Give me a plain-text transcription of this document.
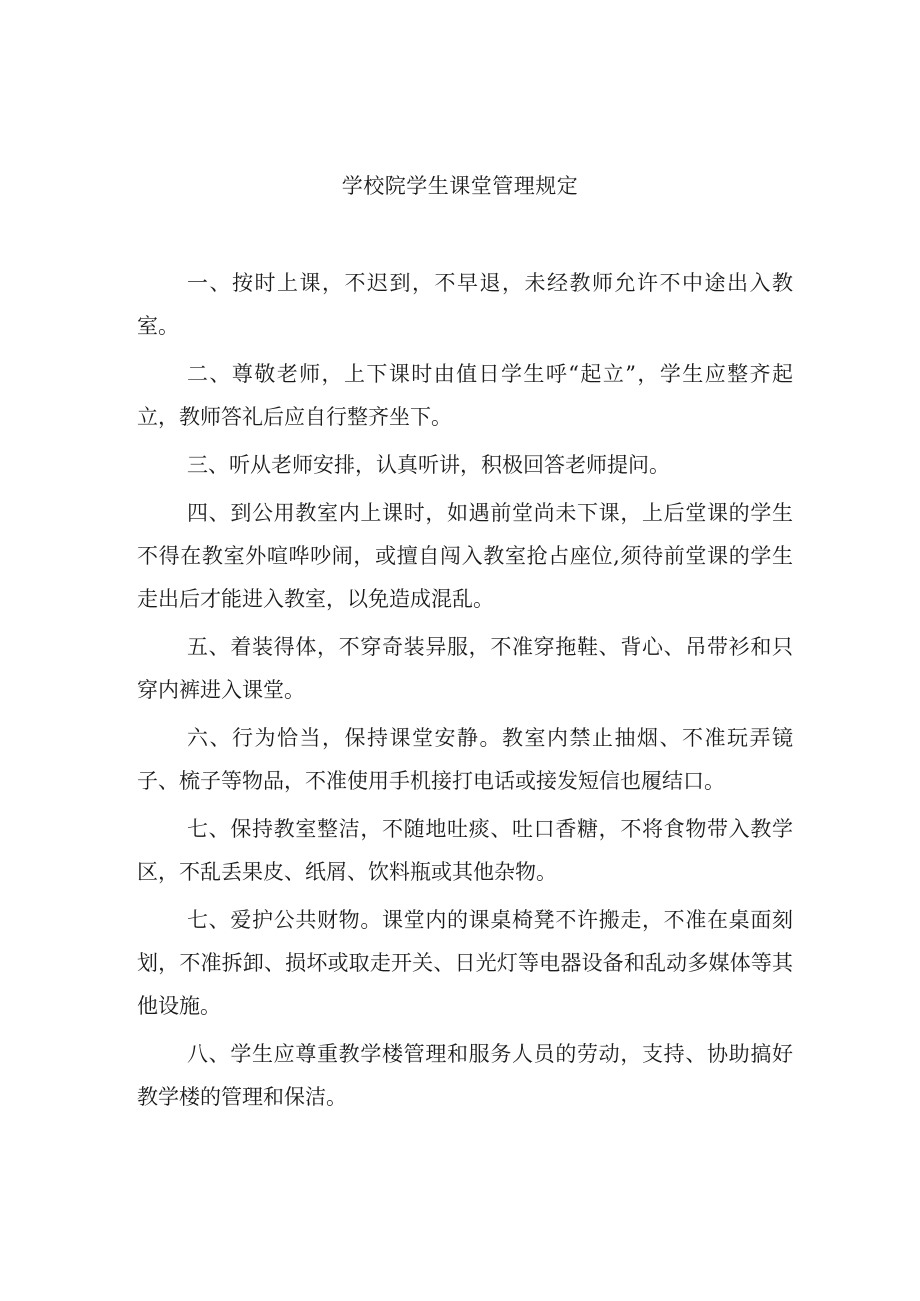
学校院学生课堂管理规定

一、按时上课，不迟到，不早退，未经教师允许不中途出入教室。

二、尊敬老师，上下课时由值日学生呼“起立”，学生应整齐起立，教师答礼后应自行整齐坐下。

三、听从老师安排，认真听讲，积极回答老师提问。

四、到公用教室内上课时，如遇前堂尚未下课，上后堂课的学生不得在教室外喧哗吵闹，或擅自闯入教室抢占座位,须待前堂课的学生走出后才能进入教室，以免造成混乱。

五、着装得体，不穿奇装异服，不准穿拖鞋、背心、吊带衫和只穿内裤进入课堂。

六、行为恰当，保持课堂安静。教室内禁止抽烟、不准玩弄镜子、梳子等物品，不准使用手机接打电话或接发短信也履结口。

七、保持教室整洁，不随地吐痰、吐口香糖，不将食物带入教学区，不乱丢果皮、纸屑、饮料瓶或其他杂物。

七、爱护公共财物。课堂内的课桌椅凳不许搬走，不准在桌面刻划，不准拆卸、损坏或取走开关、日光灯等电器设备和乱动多媒体等其他设施。

八、学生应尊重教学楼管理和服务人员的劳动，支持、协助搞好教学楼的管理和保洁。
